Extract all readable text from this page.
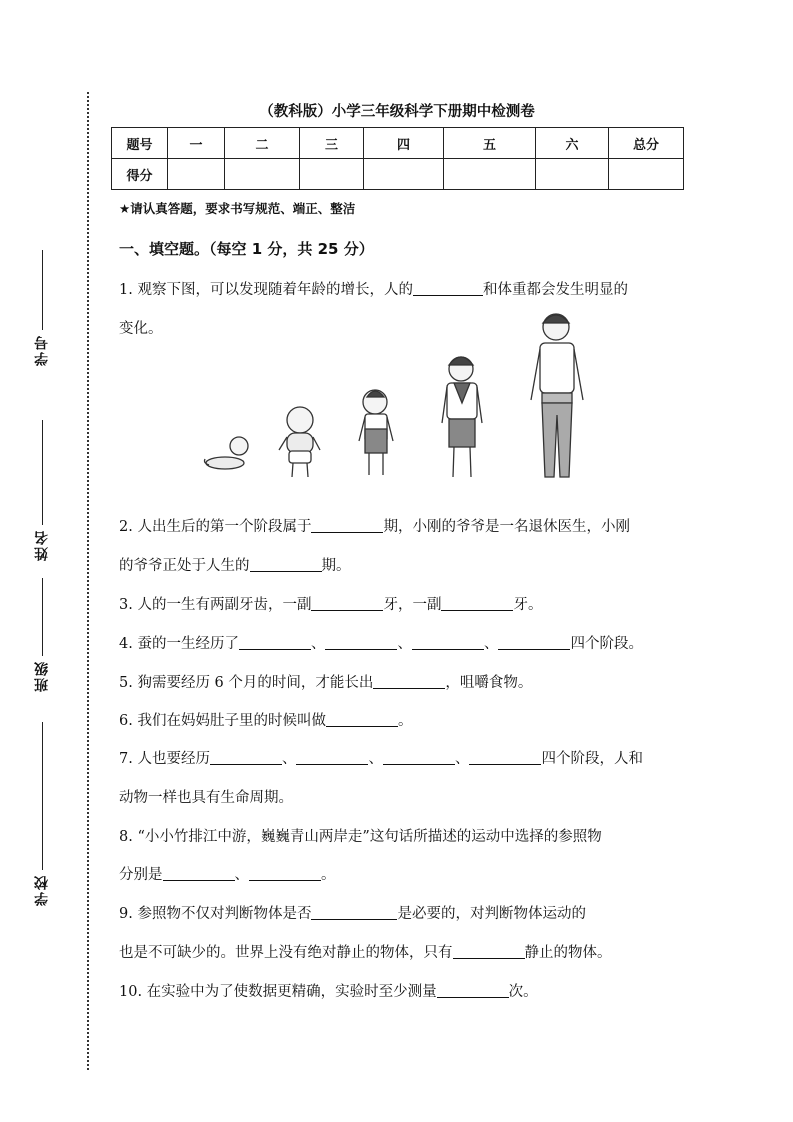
学号
姓名
班级
学校
（教科版）小学三年级科学下册期中检测卷
题号	一	二	三	四	五	六	总分
得分							
★请认真答题，要求书写规范、端正、整洁
一、填空题。（每空 1 分，共 25 分）
1. 观察下图，可以发现随着年龄的增长，人的	和体重都会发生明显的
变化。
2. 人出生后的第一个阶段属于	期，小刚的爷爷是一名退休医生，小刚
的爷爷正处于人生的	期。
3. 人的一生有两副牙齿，一副	牙，一副	牙。
4. 蚕的一生经历了	、	、	、	四个阶段。
5. 狗需要经历 6 个月的时间，才能长出	，咀嚼食物。
6. 我们在妈妈肚子里的时候叫做	。
7. 人也要经历	、	、	、	四个阶段，人和
动物一样也具有生命周期。
8. “小小竹排江中游，巍巍青山两岸走”这句话所描述的运动中选择的参照物
分别是	、	。
9. 参照物不仅对判断物体是否	是必要的，对判断物体运动的
也是不可缺少的。世界上没有绝对静止的物体，只有	静止的物体。
10. 在实验中为了使数据更精确，实验时至少测量	次。
